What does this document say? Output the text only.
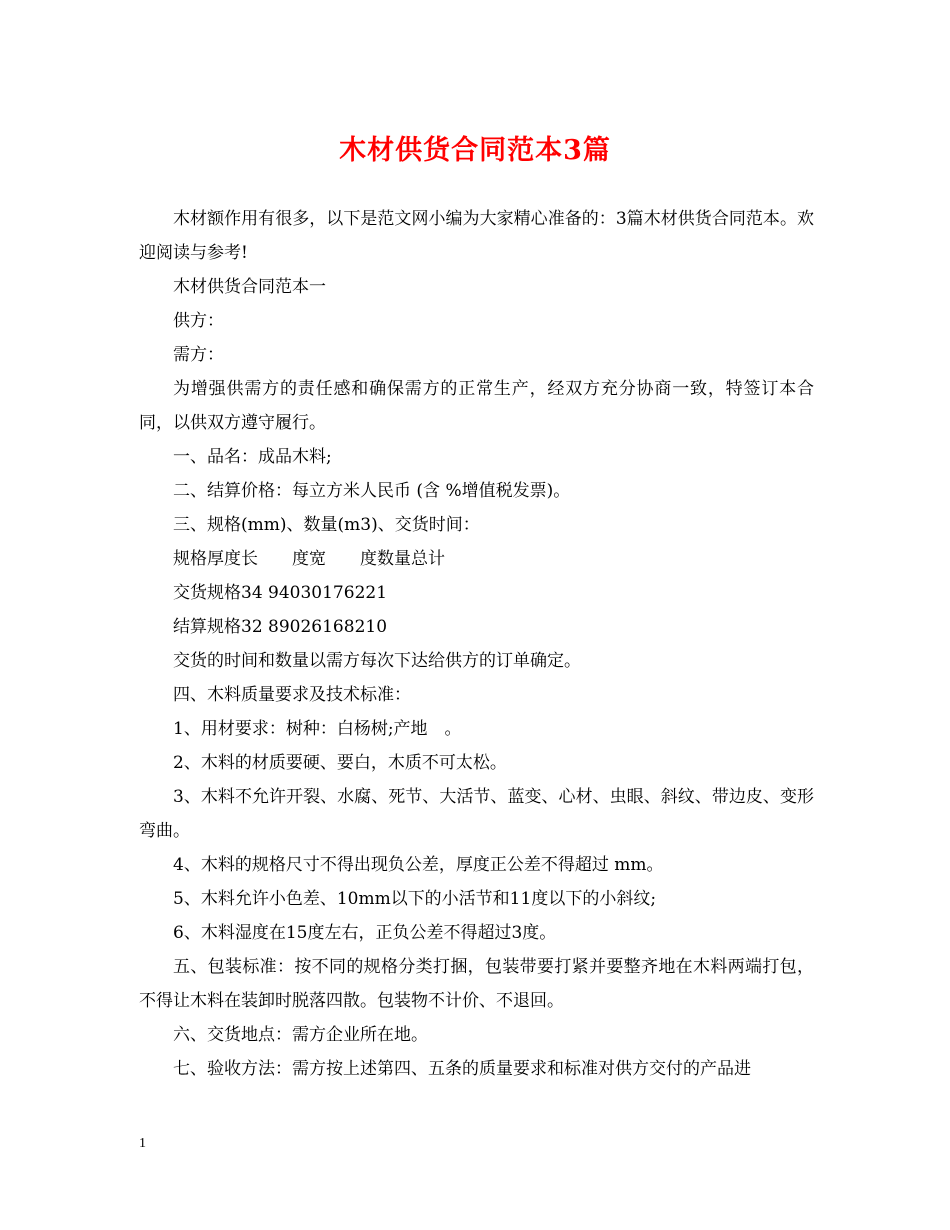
木材供货合同范本3篇

木材额作用有很多，以下是范文网小编为大家精心准备的：3篇木材供货合同范本。欢迎阅读与参考!

木材供货合同范本一

供方：

需方：

为增强供需方的责任感和确保需方的正常生产，经双方充分协商一致，特签订本合同，以供双方遵守履行。

一、品名：成品木料;

二、结算价格：每立方米人民币 (含 %增值税发票)。

三、规格(mm)、数量(m3)、交货时间：

规格厚度长　　度宽　　度数量总计

交货规格34 94030176221

结算规格32 89026168210

交货的时间和数量以需方每次下达给供方的订单确定。

四、木料质量要求及技术标准：

1、用材要求：树种：白杨树;产地　。

2、木料的材质要硬、要白，木质不可太松。

3、木料不允许开裂、水腐、死节、大活节、蓝变、心材、虫眼、斜纹、带边皮、变形弯曲。

4、木料的规格尺寸不得出现负公差，厚度正公差不得超过 mm。

5、木料允许小色差、10mm以下的小活节和11度以下的小斜纹;

6、木料湿度在15度左右，正负公差不得超过3度。

五、包装标准：按不同的规格分类打捆，包装带要打紧并要整齐地在木料两端打包，不得让木料在装卸时脱落四散。包装物不计价、不退回。

六、交货地点：需方企业所在地。

七、验收方法：需方按上述第四、五条的质量要求和标准对供方交付的产品进

1
